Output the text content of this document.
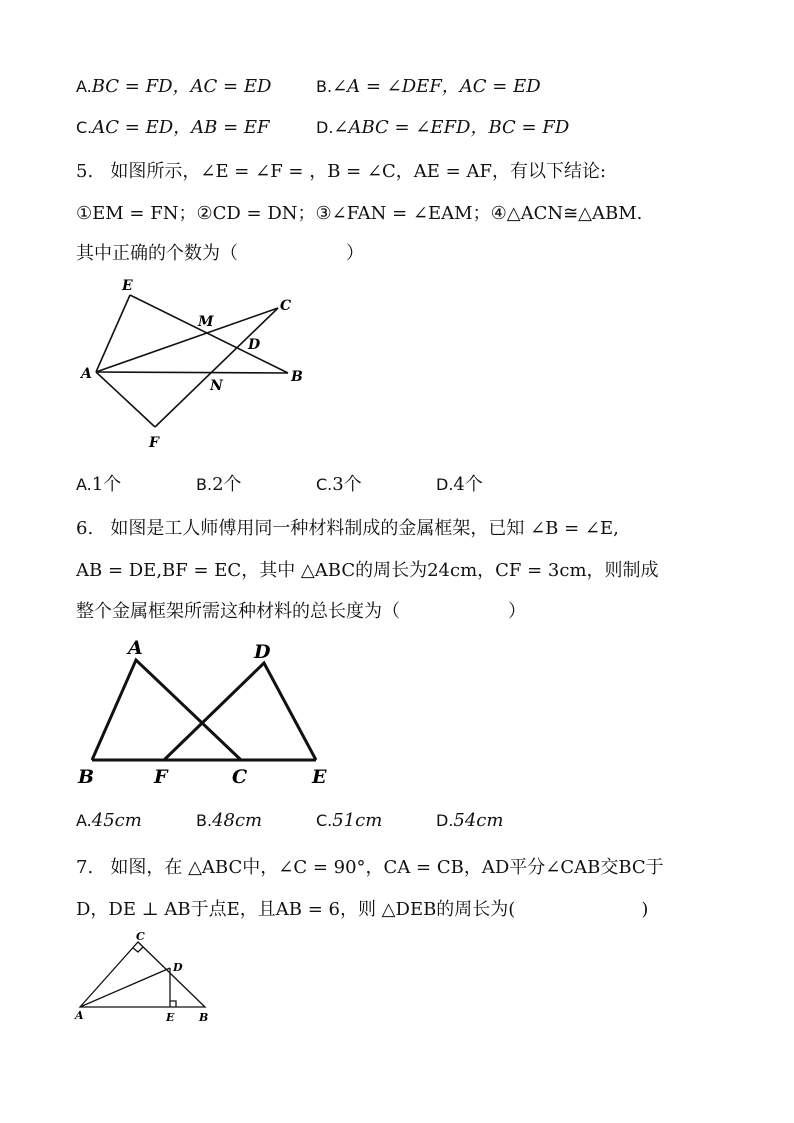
A.BC = FD，AC = ED	B.∠A = ∠DEF，AC = ED
C.AC = ED，AB = EF	D.∠ABC = ∠EFD，BC = FD
5. 如图所示，∠E = ∠F = ，B = ∠C，AE = AF，有以下结论:
①EM = FN；②CD = DN；③∠FAN = ∠EAM；④△ACN≅△ABM.
其中正确的个数为（　　　　　　）
E
C
M
D
A
N
B
F
A.1个	B.2个	C.3个	D.4个
6. 如图是工人师傅用同一种材料制成的金属框架，已知 ∠B = ∠E,
AB = DE,BF = EC，其中 △ABC的周长为24cm，CF = 3cm，则制成
整个金属框架所需这种材料的总长度为（　　　　　　）
A	D
B	F	C	E
A.45cm	B.48cm	C.51cm	D.54cm
7. 如图，在 △ABC中，∠C = 90°，CA = CB，AD平分∠CAB交BC于
D，DE ⊥ AB于点E，且AB = 6，则 △DEB的周长为(　　　　　　　)
C
D
A	E B
